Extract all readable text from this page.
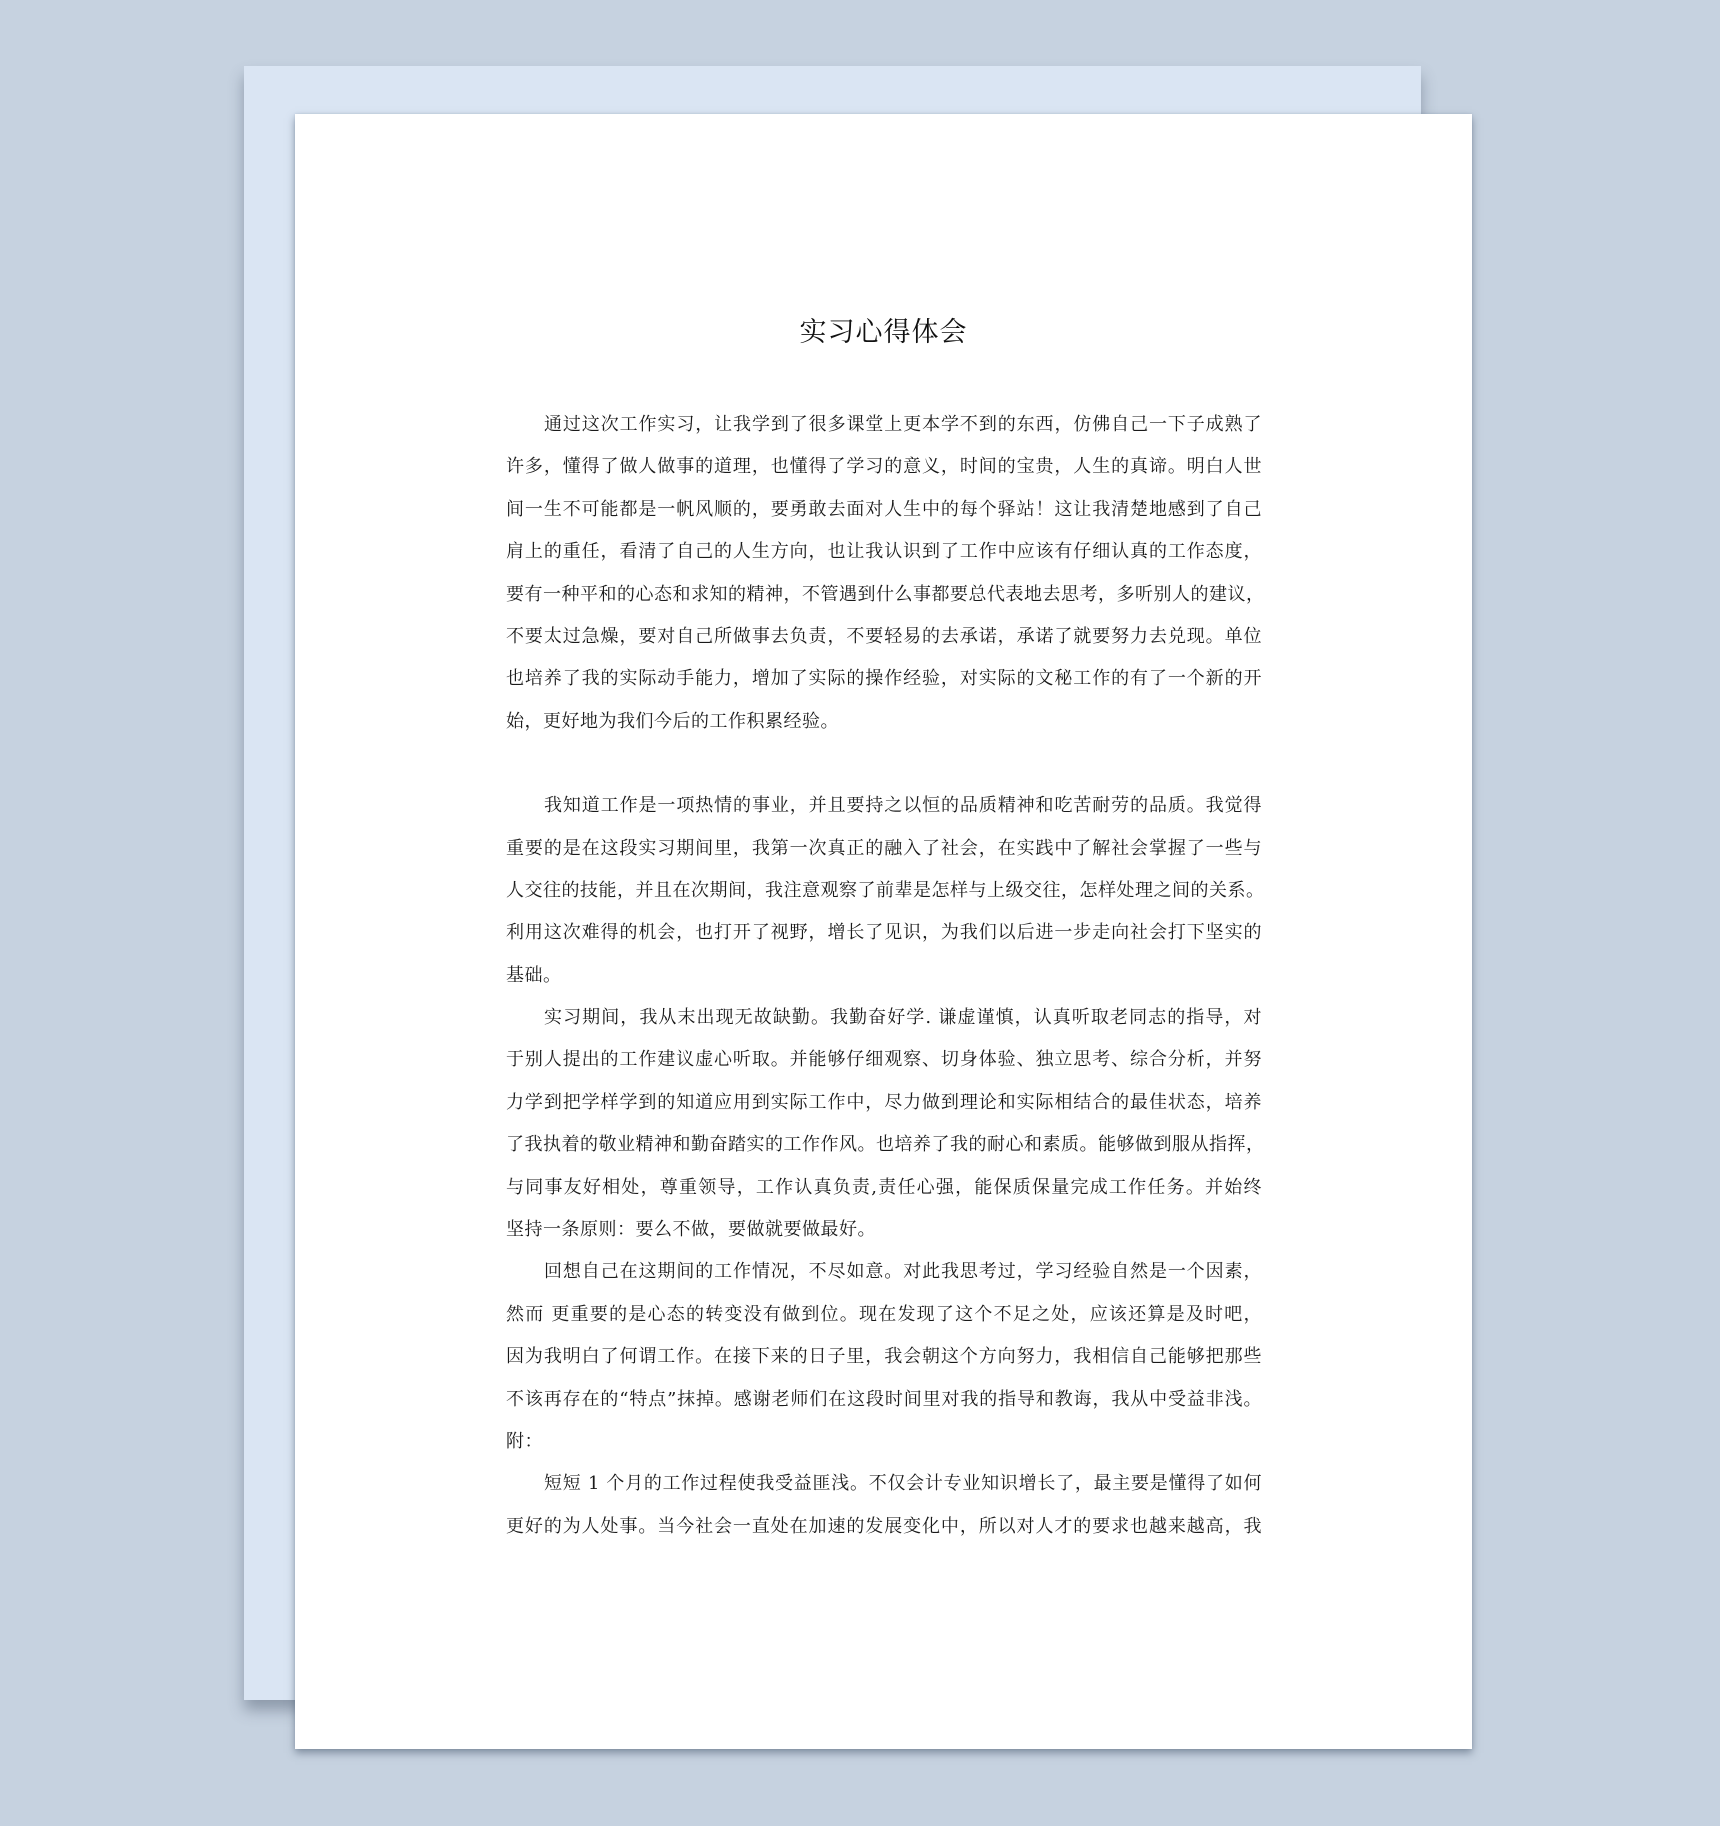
实习心得体会
通过这次工作实习，让我学到了很多课堂上更本学不到的东西，仿佛自己一下子成熟了
许多，懂得了做人做事的道理，也懂得了学习的意义，时间的宝贵，人生的真谛。明白人世
间一生不可能都是一帆风顺的，要勇敢去面对人生中的每个驿站！这让我清楚地感到了自己
肩上的重任，看清了自己的人生方向，也让我认识到了工作中应该有仔细认真的工作态度，
要有一种平和的心态和求知的精神，不管遇到什么事都要总代表地去思考，多听别人的建议，
不要太过急燥，要对自己所做事去负责，不要轻易的去承诺，承诺了就要努力去兑现。单位
也培养了我的实际动手能力，增加了实际的操作经验，对实际的文秘工作的有了一个新的开
始，更好地为我们今后的工作积累经验。
我知道工作是一项热情的事业，并且要持之以恒的品质精神和吃苦耐劳的品质。我觉得
重要的是在这段实习期间里，我第一次真正的融入了社会，在实践中了解社会掌握了一些与
人交往的技能，并且在次期间，我注意观察了前辈是怎样与上级交往，怎样处理之间的关系。
利用这次难得的机会，也打开了视野，增长了见识，为我们以后进一步走向社会打下坚实的
基础。
实习期间，我从末出现无故缺勤。我勤奋好学. 谦虚谨慎，认真听取老同志的指导，对
于别人提出的工作建议虚心听取。并能够仔细观察、切身体验、独立思考、综合分析，并努
力学到把学样学到的知道应用到实际工作中，尽力做到理论和实际相结合的最佳状态，培养
了我执着的敬业精神和勤奋踏实的工作作风。也培养了我的耐心和素质。能够做到服从指挥，
与同事友好相处，尊重领导，工作认真负责,责任心强，能保质保量完成工作任务。并始终
坚持一条原则：要么不做，要做就要做最好。
回想自己在这期间的工作情况，不尽如意。对此我思考过，学习经验自然是一个因素，
然而 更重要的是心态的转变没有做到位。现在发现了这个不足之处，应该还算是及时吧，
因为我明白了何谓工作。在接下来的日子里，我会朝这个方向努力，我相信自己能够把那些
不该再存在的“特点”抹掉。感谢老师们在这段时间里对我的指导和教诲，我从中受益非浅。
附：
短短 1 个月的工作过程使我受益匪浅。不仅会计专业知识增长了，最主要是懂得了如何
更好的为人处事。当今社会一直处在加速的发展变化中，所以对人才的要求也越来越高，我
